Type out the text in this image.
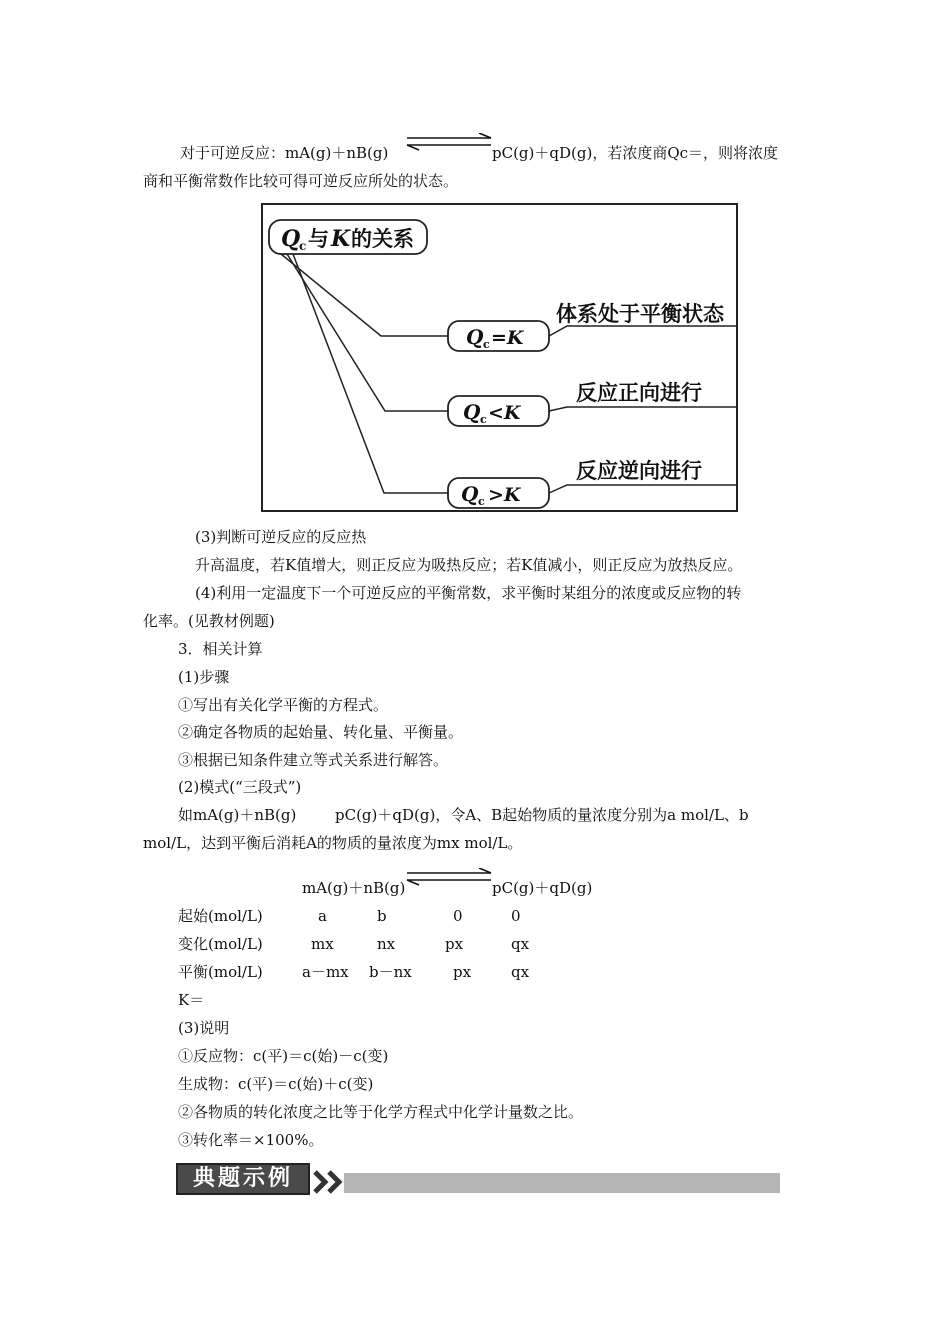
对于可逆反应：mA(g)＋nB(g)	pC(g)＋qD(g)，若浓度商Qc＝，则将浓度
商和平衡常数作比较可得可逆反应所处的状态。
Q
c 与 K 的关系
Q c =K
体系处于平衡状态
Q c <K
反应正向进行
Q c >K
反应逆向进行
(3)判断可逆反应的反应热
升高温度，若K值增大，则正反应为吸热反应；若K值减小，则正反应为放热反应。
(4)利用一定温度下一个可逆反应的平衡常数，求平衡时某组分的浓度或反应物的转
化率。(见教材例题)
3．相关计算
(1)步骤
①写出有关化学平衡的方程式。
②确定各物质的起始量、转化量、平衡量。
③根据已知条件建立等式关系进行解答。
(2)模式(“三段式”)
如mA(g)＋nB(g)	pC(g)＋qD(g)，令A、B起始物质的量浓度分别为a mol/L、b
mol/L，达到平衡后消耗A的物质的量浓度为mx mol/L。
mA(g)＋nB(g)	pC(g)＋qD(g)
起始(mol/L)	a	b	0	0
变化(mol/L)	mx	nx	px	qx
平衡(mol/L)	a－mx b－nx	px	qx
K＝
(3)说明
①反应物：c(平)＝c(始)－c(变)
生成物：c(平)＝c(始)＋c(变)
②各物质的转化浓度之比等于化学方程式中化学计量数之比。
③转化率＝×100%。
典题示例
